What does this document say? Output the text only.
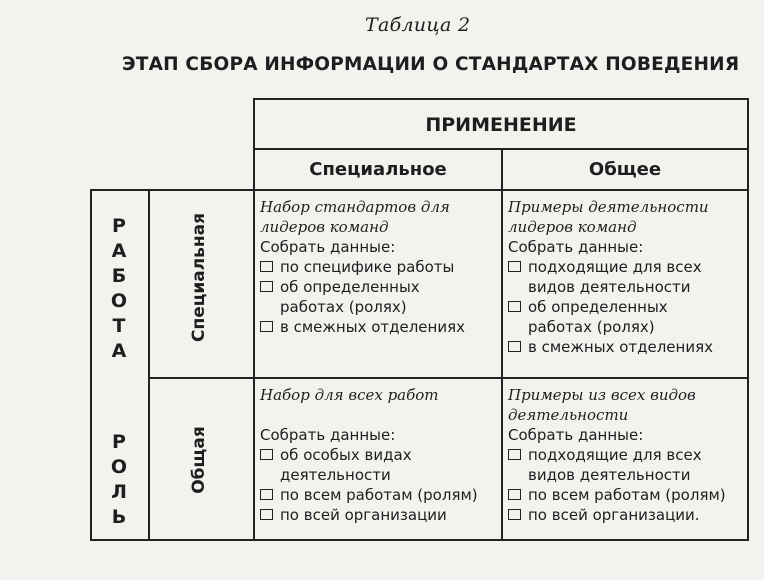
Таблица 2
ЭТАП СБОРА ИНФОРМАЦИИ О СТАНДАРТАХ ПОВЕДЕНИЯ
ПРИМЕНЕНИЕ
Специальное	Общее
Р
А
Б
О
Т
А
Р
О
Л
Ь
Специальная
Общая
Набор стандартов для
лидеров команд
Собрать данные:
по специфике работы
об определенных
работах (ролях)
в смежных отделениях
Примеры деятельности
лидеров команд
Собрать данные:
подходящие для всех
видов деятельности
об определенных
работах (ролях)
в смежных отделениях
Набор для всех работ
Собрать данные:
об особых видах
деятельности
по всем работам (ролям)
по всей организации
Примеры из всех видов
деятельности
Собрать данные:
подходящие для всех
видов деятельности
по всем работам (ролям)
по всей организации.
